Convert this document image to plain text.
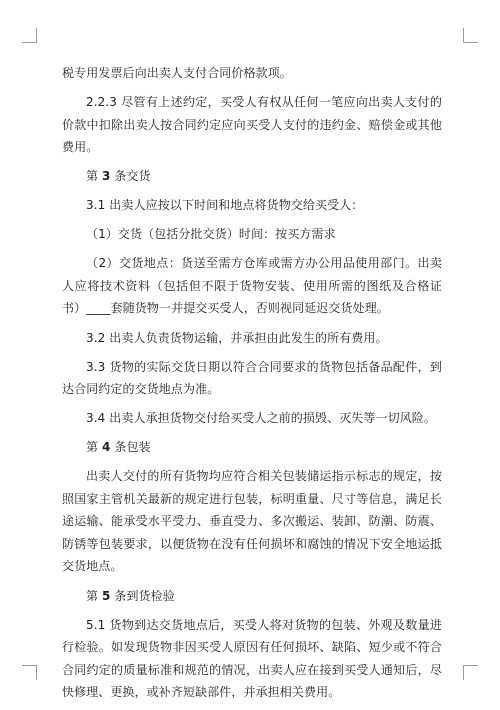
税专用发票后向出卖人支付合同价格款项。

2.2.3 尽管有上述约定，买受人有权从任何一笔应向出卖人支付的价款中扣除出卖人按合同约定应向买受人支付的违约金、赔偿金或其他费用。

第 3 条交货

3.1 出卖人应按以下时间和地点将货物交给买受人：

（1）交货（包括分批交货）时间：按买方需求

（2）交货地点：货送至需方仓库或需方办公用品使用部门。出卖人应将技术资料（包括但不限于货物安装、使用所需的图纸及合格证书）____套随货物一并提交买受人，否则视同延迟交货处理。

3.2 出卖人负责货物运输，并承担由此发生的所有费用。

3.3 货物的实际交货日期以符合合同要求的货物包括备品配件，到达合同约定的交货地点为准。

3.4 出卖人承担货物交付给买受人之前的损毁、灭失等一切风险。

第 4 条包装

出卖人交付的所有货物均应符合相关包装储运指示标志的规定，按照国家主管机关最新的规定进行包装，标明重量、尺寸等信息，满足长途运输、能承受水平受力、垂直受力、多次搬运、装卸、防潮、防震、防锈等包装要求，以便货物在没有任何损坏和腐蚀的情况下安全地运抵交货地点。

第 5 条到货检验

5.1 货物到达交货地点后，买受人将对货物的包装、外观及数量进行检验。如发现货物非因买受人原因有任何损坏、缺陷、短少或不符合合同约定的质量标准和规范的情况，出卖人应在接到买受人通知后，尽快修理、更换，或补齐短缺部件，并承担相关费用。
